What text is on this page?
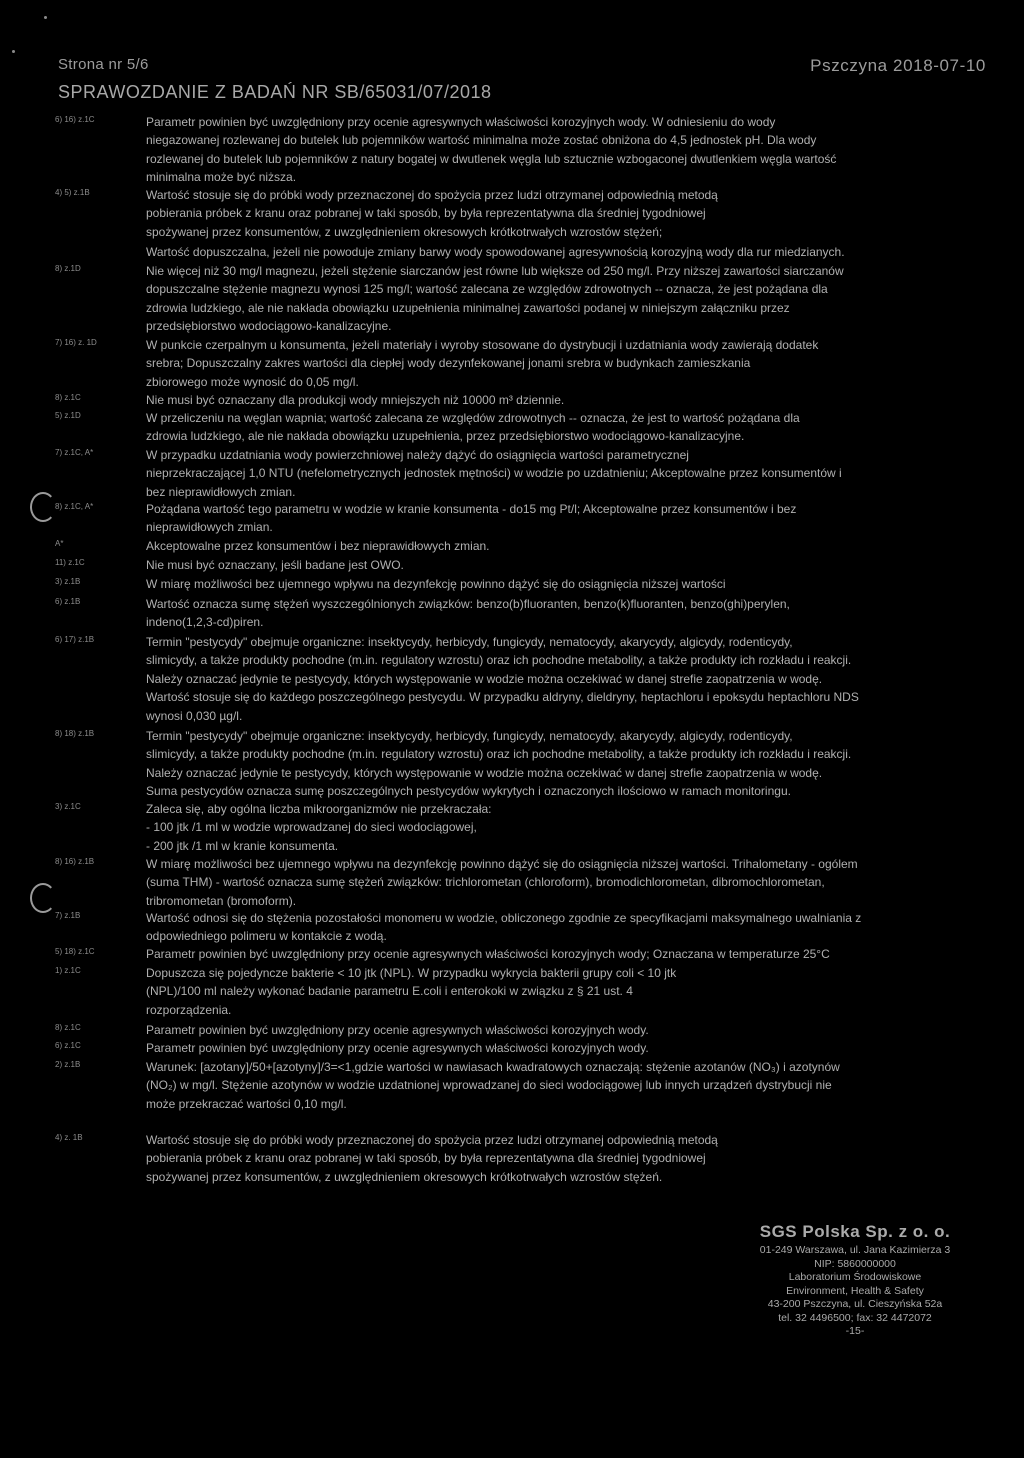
Strona nr 5/6	Pszczyna 2018-07-10
SPRAWOZDANIE Z BADAŃ NR SB/65031/07/2018
6) 16) z.1C	Parametr powinien być uwzględniony przy ocenie agresywnych właściwości korozyjnych wody. W odniesieniu do wody
niegazowanej rozlewanej do butelek lub pojemników wartość minimalna może zostać obniżona do 4,5 jednostek pH. Dla wody
rozlewanej do butelek lub pojemników z natury bogatej w dwutlenek węgla lub sztucznie wzbogaconej dwutlenkiem węgla wartość
minimalna może być niższa.
4) 5) z.1B	Wartość stosuje się do próbki wody przeznaczonej do spożycia przez ludzi otrzymanej odpowiednią metodą
pobierania próbek z kranu oraz pobranej w taki sposób, by była reprezentatywna dla średniej tygodniowej
spożywanej przez konsumentów, z uwzględnieniem okresowych krótkotrwałych wzrostów stężeń;
Wartość dopuszczalna, jeżeli nie powoduje zmiany barwy wody spowodowanej agresywnością korozyjną wody dla rur miedzianych.
8) z.1D	Nie więcej niż 30 mg/l magnezu, jeżeli stężenie siarczanów jest równe lub większe od 250 mg/l. Przy niższej zawartości siarczanów
dopuszczalne stężenie magnezu wynosi 125 mg/l; wartość zalecana ze względów zdrowotnych -- oznacza, że jest pożądana dla
zdrowia ludzkiego, ale nie nakłada obowiązku uzupełnienia minimalnej zawartości podanej w niniejszym załączniku przez
przedsiębiorstwo wodociągowo-kanalizacyjne.
7) 16) z. 1D	W punkcie czerpalnym u konsumenta, jeżeli materiały i wyroby stosowane do dystrybucji i uzdatniania wody zawierają dodatek
srebra; Dopuszczalny zakres wartości dla ciepłej wody dezynfekowanej jonami srebra w budynkach zamieszkania
zbiorowego może wynosić do 0,05 mg/l.
8) z.1C	Nie musi być oznaczany dla produkcji wody mniejszych niż 10000 m³ dziennie.
5) z.1D	W przeliczeniu na węglan wapnia; wartość zalecana ze względów zdrowotnych -- oznacza, że jest to wartość pożądana dla
zdrowia ludzkiego, ale nie nakłada obowiązku uzupełnienia, przez przedsiębiorstwo wodociągowo-kanalizacyjne.
7) z.1C, A*	W przypadku uzdatniania wody powierzchniowej należy dążyć do osiągnięcia wartości parametrycznej
nieprzekraczającej 1,0 NTU (nefelometrycznych jednostek mętności) w wodzie po uzdatnieniu; Akceptowalne przez konsumentów i
bez nieprawidłowych zmian.
8) z.1C, A*	Pożądana wartość tego parametru w wodzie w kranie konsumenta - do15 mg Pt/l; Akceptowalne przez konsumentów i bez
nieprawidłowych zmian.
A*	Akceptowalne przez konsumentów i bez nieprawidłowych zmian.
11) z.1C	Nie musi być oznaczany, jeśli badane jest OWO.
3) z.1B	W miarę możliwości bez ujemnego wpływu na dezynfekcję powinno dążyć się do osiągnięcia niższej wartości
6) z.1B	Wartość oznacza sumę stężeń wyszczególnionych związków: benzo(b)fluoranten, benzo(k)fluoranten, benzo(ghi)perylen,
indeno(1,2,3-cd)piren.
6) 17) z.1B	Termin "pestycydy" obejmuje organiczne: insektycydy, herbicydy, fungicydy, nematocydy, akarycydy, algicydy, rodenticydy,
slimicydy, a także produkty pochodne (m.in. regulatory wzrostu) oraz ich pochodne metabolity, a także produkty ich rozkładu i reakcji.
Należy oznaczać jedynie te pestycydy, których występowanie w wodzie można oczekiwać w danej strefie zaopatrzenia w wodę.
Wartość stosuje się do każdego poszczególnego pestycydu. W przypadku aldryny, dieldryny, heptachloru i epoksydu heptachloru NDS
wynosi 0,030 µg/l.
8) 18) z.1B	Termin "pestycydy" obejmuje organiczne: insektycydy, herbicydy, fungicydy, nematocydy, akarycydy, algicydy, rodenticydy,
slimicydy, a także produkty pochodne (m.in. regulatory wzrostu) oraz ich pochodne metabolity, a także produkty ich rozkładu i reakcji.
Należy oznaczać jedynie te pestycydy, których występowanie w wodzie można oczekiwać w danej strefie zaopatrzenia w wodę.
Suma pestycydów oznacza sumę poszczególnych pestycydów wykrytych i oznaczonych ilościowo w ramach monitoringu.
3) z.1C	Zaleca się, aby ogólna liczba mikroorganizmów nie przekraczała:
- 100 jtk /1 ml w wodzie wprowadzanej do sieci wodociągowej,
- 200 jtk /1 ml w kranie konsumenta.
8) 16) z.1B	W miarę możliwości bez ujemnego wpływu na dezynfekcję powinno dążyć się do osiągnięcia niższej wartości. Trihalometany - ogólem
(suma THM) - wartość oznacza sumę stężeń związków: trichlorometan (chloroform), bromodichlorometan, dibromochlorometan,
tribromometan (bromoform).
7) z.1B	Wartość odnosi się do stężenia pozostałości monomeru w wodzie, obliczonego zgodnie ze specyfikacjami maksymalnego uwalniania z
odpowiedniego polimeru w kontakcie z wodą.
5) 18) z.1C	Parametr powinien być uwzględniony przy ocenie agresywnych właściwości korozyjnych wody; Oznaczana w temperaturze 25°C
1) z.1C	Dopuszcza się pojedyncze bakterie < 10 jtk (NPL). W przypadku wykrycia bakterii grupy coli < 10 jtk
(NPL)/100 ml należy wykonać badanie parametru E.coli i enterokoki w związku z § 21 ust. 4
rozporządzenia.
8) z.1C	Parametr powinien być uwzględniony przy ocenie agresywnych właściwości korozyjnych wody.
6) z.1C	Parametr powinien być uwzględniony przy ocenie agresywnych właściwości korozyjnych wody.
2) z.1B	Warunek: [azotany]/50+[azotyny]/3=<1,gdzie wartości w nawiasach kwadratowych oznaczają: stężenie azotanów (NO₃) i azotynów
(NO₂) w mg/l. Stężenie azotynów w wodzie uzdatnionej wprowadzanej do sieci wodociągowej lub innych urządzeń dystrybucji nie
może przekraczać wartości 0,10 mg/l.
4) z. 1B	Wartość stosuje się do próbki wody przeznaczonej do spożycia przez ludzi otrzymanej odpowiednią metodą
pobierania próbek z kranu oraz pobranej w taki sposób, by była reprezentatywna dla średniej tygodniowej
spożywanej przez konsumentów, z uwzględnieniem okresowych krótkotrwałych wzrostów stężeń.
SGS Polska Sp. z o. o.
01-249 Warszawa, ul. Jana Kazimierza 3
NIP: 5860000000
Laboratorium Środowiskowe
Environment, Health & Safety
43-200 Pszczyna, ul. Cieszyńska 52a
tel. 32 4496500; fax: 32 4472072
-15-
